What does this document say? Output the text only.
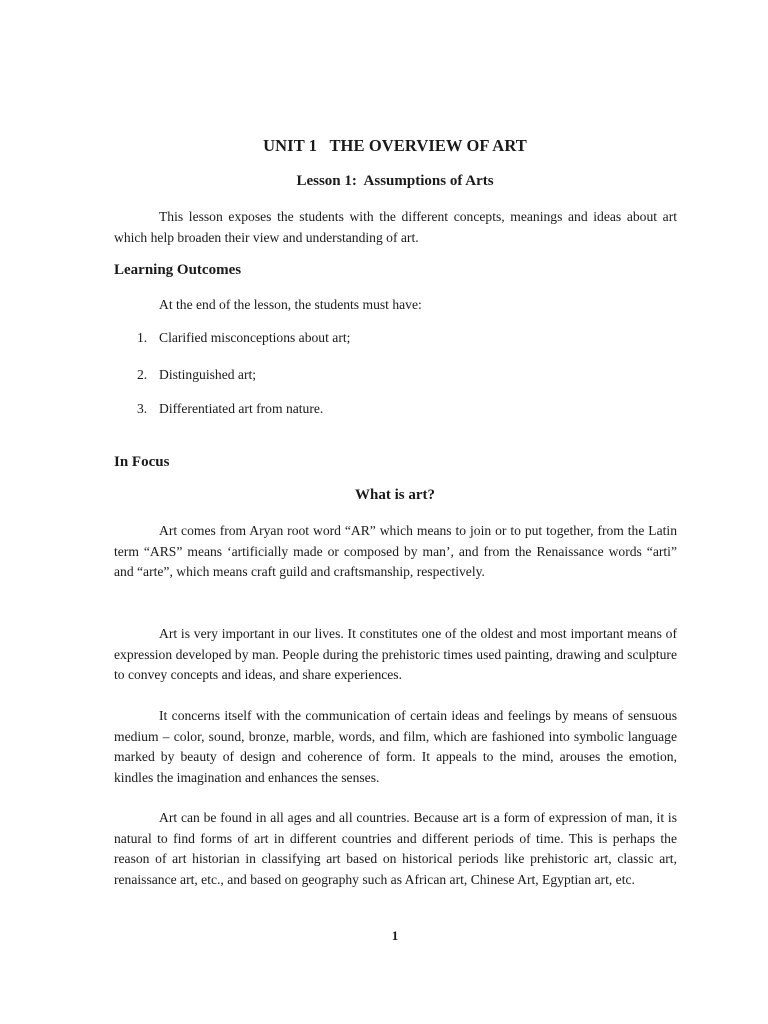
UNIT 1   THE OVERVIEW OF ART
Lesson 1:  Assumptions of Arts

This lesson exposes the students with the different concepts, meanings and ideas about art which help broaden their view and understanding of art.

Learning Outcomes

At the end of the lesson, the students must have:

1. Clarified misconceptions about art;
2. Distinguished art;
3. Differentiated art from nature.
In Focus
What is art?

Art comes from Aryan root word “AR” which means to join or to put together, from the Latin term “ARS” means ‘artificially made or composed by man’, and from the Renaissance words “arti” and “arte”, which means craft guild and craftsmanship, respectively.

Art is very important in our lives. It constitutes one of the oldest and most important means of expression developed by man. People during the prehistoric times used painting, drawing and sculpture to convey concepts and ideas, and share experiences.

It concerns itself with the communication of certain ideas and feelings by means of sensuous medium – color, sound, bronze, marble, words, and film, which are fashioned into symbolic language marked by beauty of design and coherence of form. It appeals to the mind, arouses the emotion, kindles the imagination and enhances the senses.

Art can be found in all ages and all countries. Because art is a form of expression of man, it is natural to find forms of art in different countries and different periods of time. This is perhaps the reason of art historian in classifying art based on historical periods like prehistoric art, classic art, renaissance art, etc., and based on geography such as African art, Chinese Art, Egyptian art, etc.

1
